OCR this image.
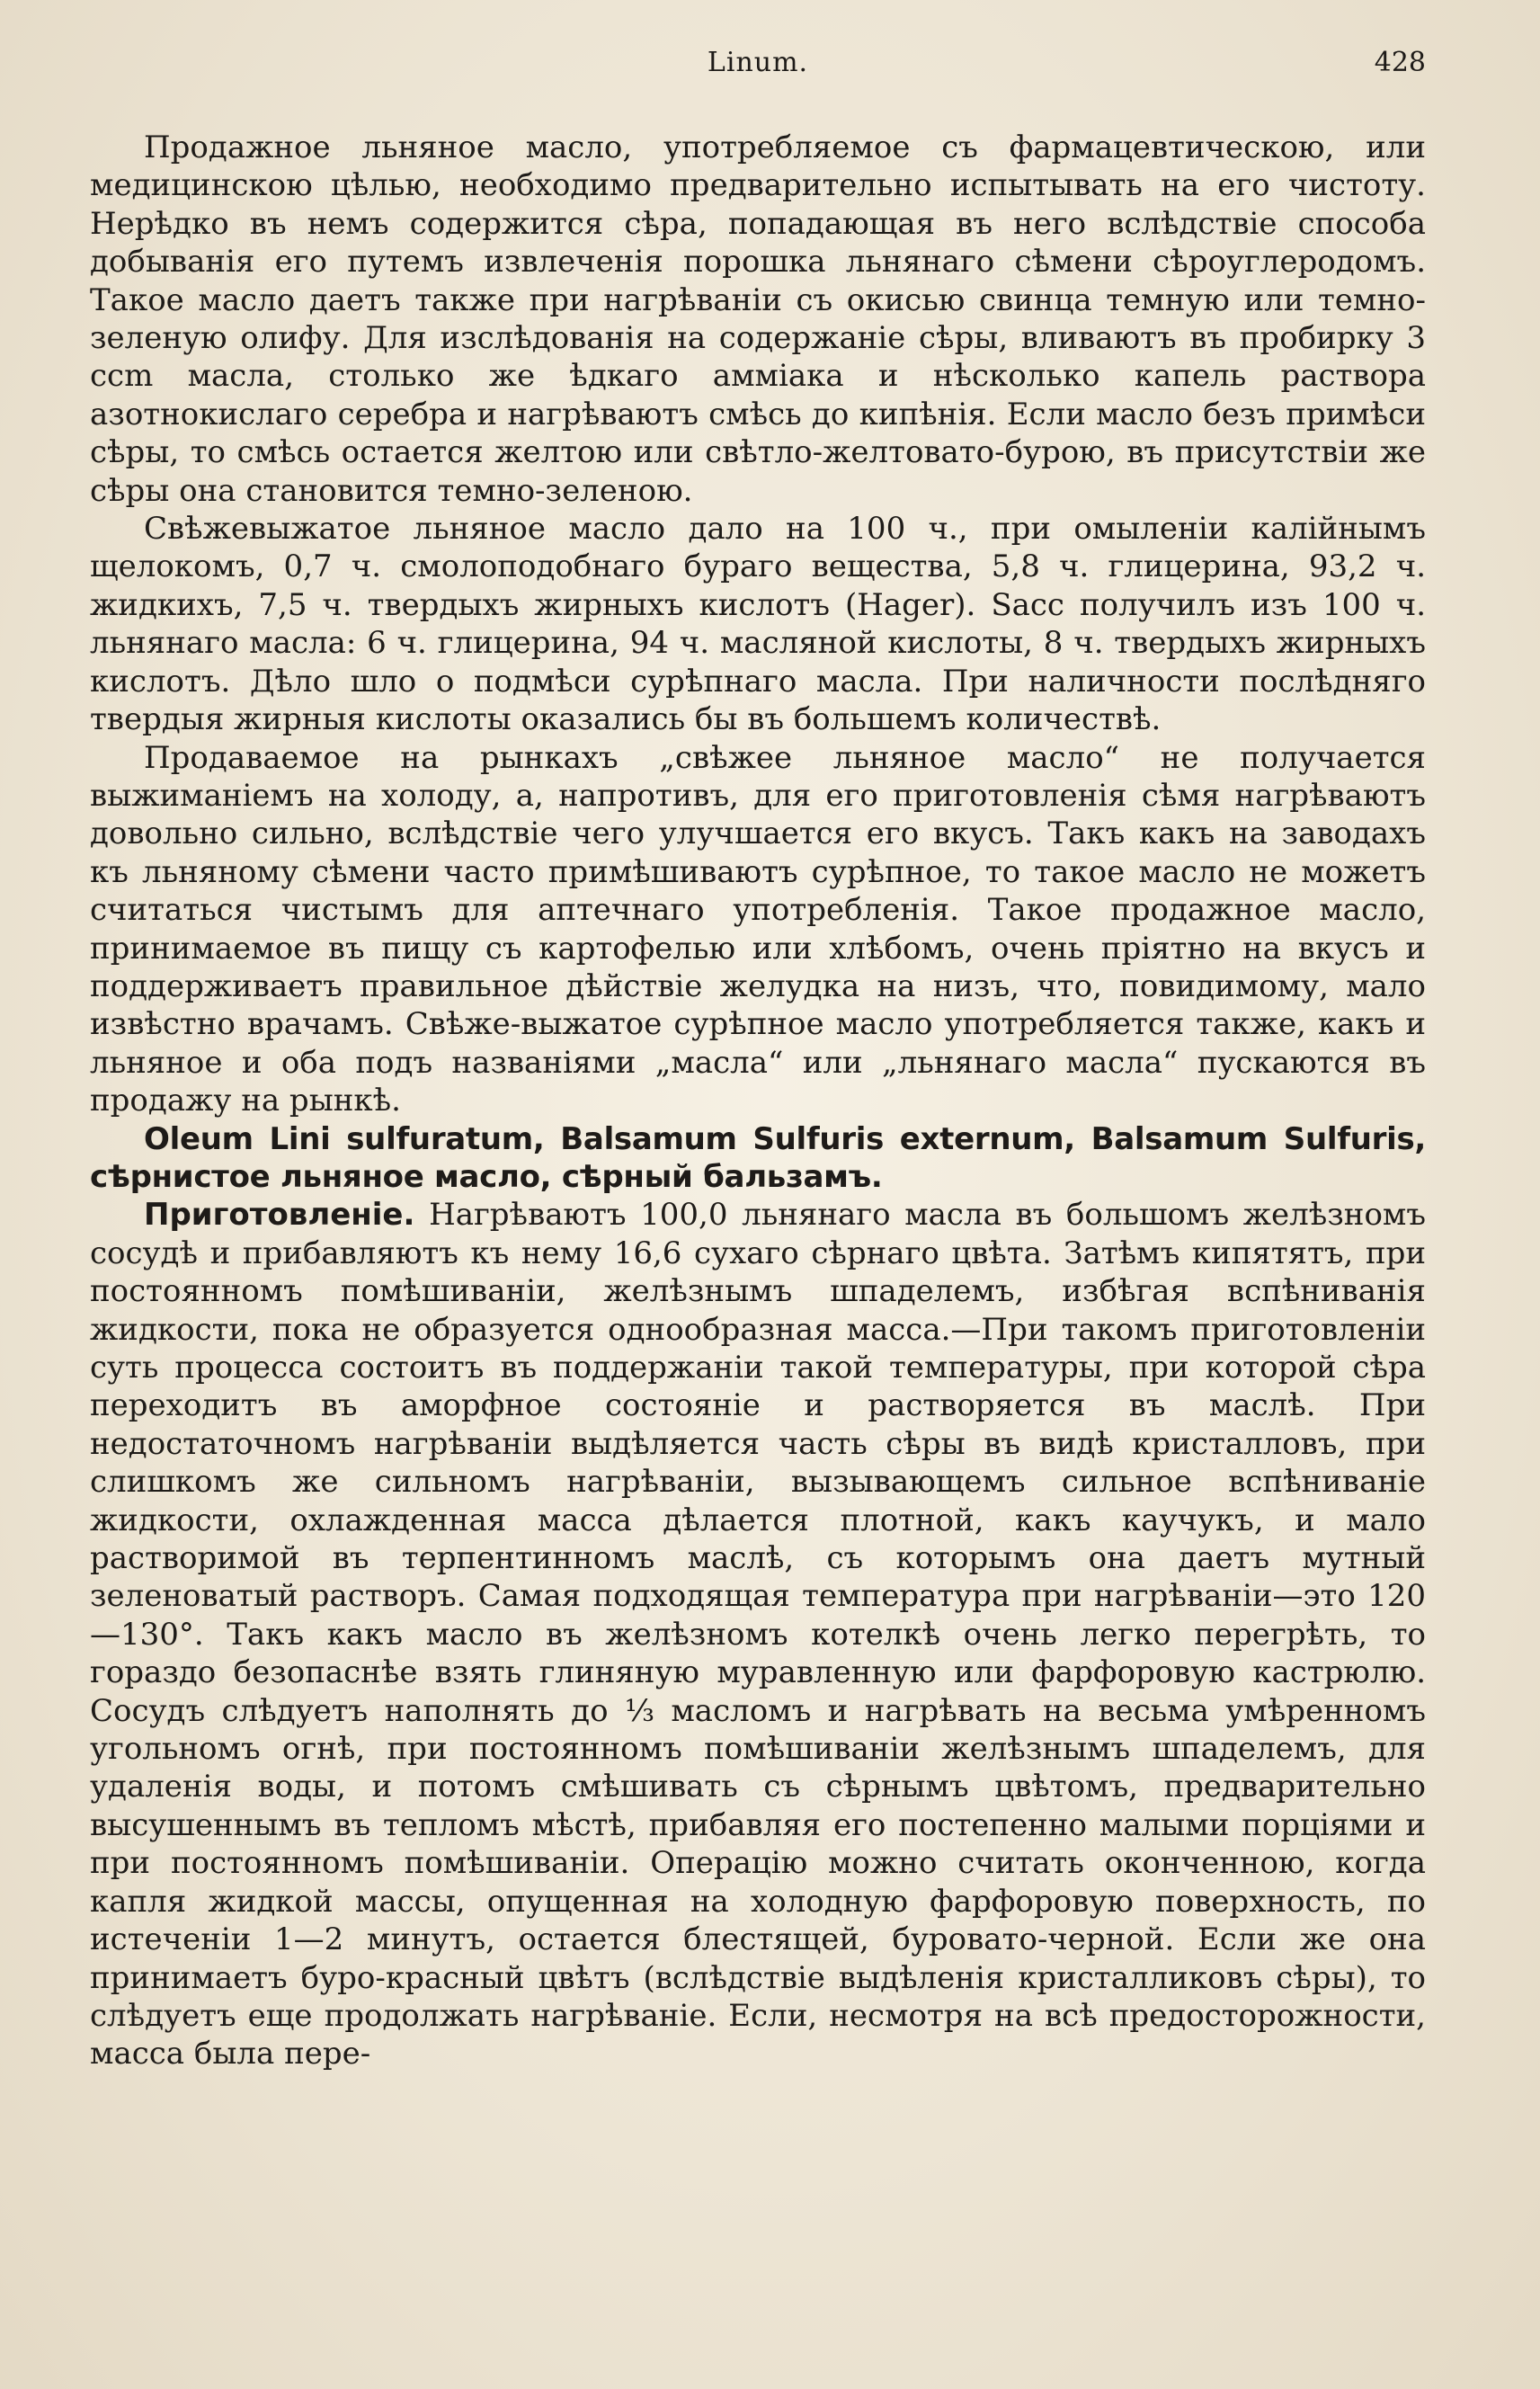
Linum.	428

Продажное льняное масло, употребляемое съ фармацевтическою, или медицинскою цѣлью, необходимо предварительно испытывать на его чистоту. Нерѣдко въ немъ содержится сѣра, попадающая въ него вслѣдствіе способа добыванія его путемъ извлеченія порошка льнянаго сѣмени сѣроуглеродомъ. Такое масло даетъ также при нагрѣваніи съ окисью свинца темную или темно-зеленую олифу. Для изслѣдованія на содержаніе сѣры, вливаютъ въ пробирку 3 ccm масла, столько же ѣдкаго амміака и нѣсколько капель раствора азотнокислаго серебра и нагрѣваютъ смѣсь до кипѣнія. Если масло безъ примѣси сѣры, то смѣсь остается желтою или свѣтло-желтовато-бурою, въ присутствіи же сѣры она становится темно-зеленою.

Свѣжевыжатое льняное масло дало на 100 ч., при омыленіи калійнымъ щелокомъ, 0,7 ч. смолоподобнаго бураго вещества, 5,8 ч. глицерина, 93,2 ч. жидкихъ, 7,5 ч. твердыхъ жирныхъ кислотъ (Hager). Sacc получилъ изъ 100 ч. льнянаго масла: 6 ч. глицерина, 94 ч. масляной кислоты, 8 ч. твердыхъ жирныхъ кислотъ. Дѣло шло о подмѣси сурѣпнаго масла. При наличности послѣдняго твердыя жирныя кислоты оказались бы въ большемъ количествѣ.

Продаваемое на рынкахъ „свѣжее льняное масло“ не получается выжиманіемъ на холоду, а, напротивъ, для его приготовленія сѣмя нагрѣваютъ довольно сильно, вслѣдствіе чего улучшается его вкусъ. Такъ какъ на заводахъ къ льняному сѣмени часто примѣшиваютъ сурѣпное, то такое масло не можетъ считаться чистымъ для аптечнаго употребленія. Такое продажное масло, принимаемое въ пищу съ картофелью или хлѣбомъ, очень пріятно на вкусъ и поддерживаетъ правильное дѣйствіе желудка на низъ, что, повидимому, мало извѣстно врачамъ. Свѣже-выжатое сурѣпное масло употребляется также, какъ и льняное и оба подъ названіями „масла“ или „льнянаго масла“ пускаются въ продажу на рынкѣ.

Oleum Lini sulfuratum, Balsamum Sulfuris externum, Balsamum Sulfuris, сѣрнистое льняное масло, сѣрный бальзамъ.

Приготовленіе. Нагрѣваютъ 100,0 льнянаго масла въ большомъ желѣзномъ сосудѣ и прибавляютъ къ нему 16,6 сухаго сѣрнаго цвѣта. Затѣмъ кипятятъ, при постоянномъ помѣшиваніи, желѣзнымъ шпаделемъ, избѣгая вспѣниванія жидкости, пока не образуется однообразная масса.—При такомъ приготовленіи суть процесса состоитъ въ поддержаніи такой температуры, при которой сѣра переходитъ въ аморфное состояніе и растворяется въ маслѣ. При недостаточномъ нагрѣваніи выдѣляется часть сѣры въ видѣ кристалловъ, при слишкомъ же сильномъ нагрѣваніи, вызывающемъ сильное вспѣниваніе жидкости, охлажденная масса дѣлается плотной, какъ каучукъ, и мало растворимой въ терпентинномъ маслѣ, съ которымъ она даетъ мутный зеленоватый растворъ. Самая подходящая температура при нагрѣваніи—это 120—130°. Такъ какъ масло въ желѣзномъ котелкѣ очень легко перегрѣть, то гораздо безопаснѣе взять глиняную муравленную или фарфоровую кастрюлю. Сосудъ слѣдуетъ наполнять до ⅓ масломъ и нагрѣвать на весьма умѣренномъ угольномъ огнѣ, при постоянномъ помѣшиваніи желѣзнымъ шпаделемъ, для удаленія воды, и потомъ смѣшивать съ сѣрнымъ цвѣтомъ, предварительно высушеннымъ въ тепломъ мѣстѣ, прибавляя его постепенно малыми порціями и при постоянномъ помѣшиваніи. Операцію можно считать оконченною, когда капля жидкой массы, опущенная на холодную фарфоровую поверхность, по истеченіи 1—2 минутъ, остается блестящей, буровато-черной. Если же она принимаетъ буро-красный цвѣтъ (вслѣдствіе выдѣленія кристалликовъ сѣры), то слѣдуетъ еще продолжать нагрѣваніе. Если, несмотря на всѣ предосторожности, масса была пере-
